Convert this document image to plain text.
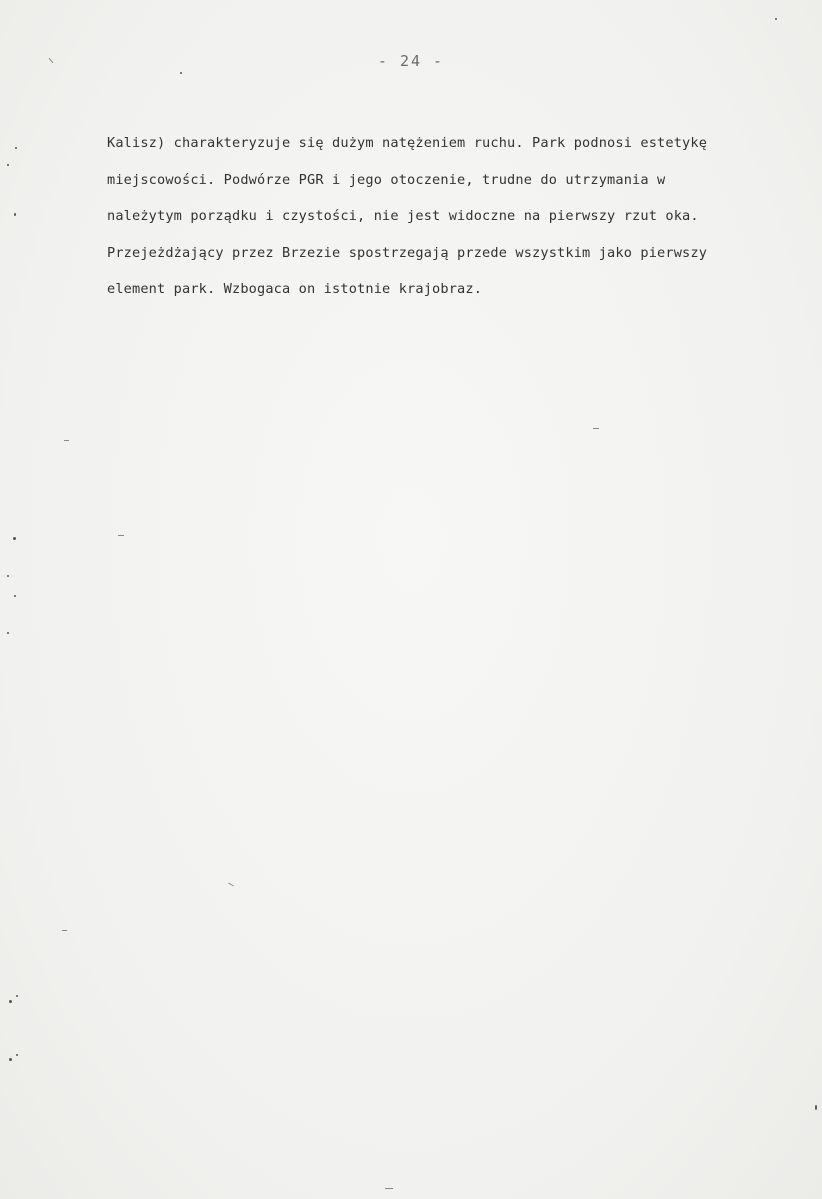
- 24 -
Kalisz) charakteryzuje się dużym natężeniem ruchu. Park podnosi estetykę
miejscowości. Podwórze PGR i jego otoczenie, trudne do utrzymania w
należytym porządku i czystości, nie jest widoczne na pierwszy rzut oka.
Przejeżdżający przez Brzezie spostrzegają przede wszystkim jako pierwszy
element park. Wzbogaca on istotnie krajobraz.
